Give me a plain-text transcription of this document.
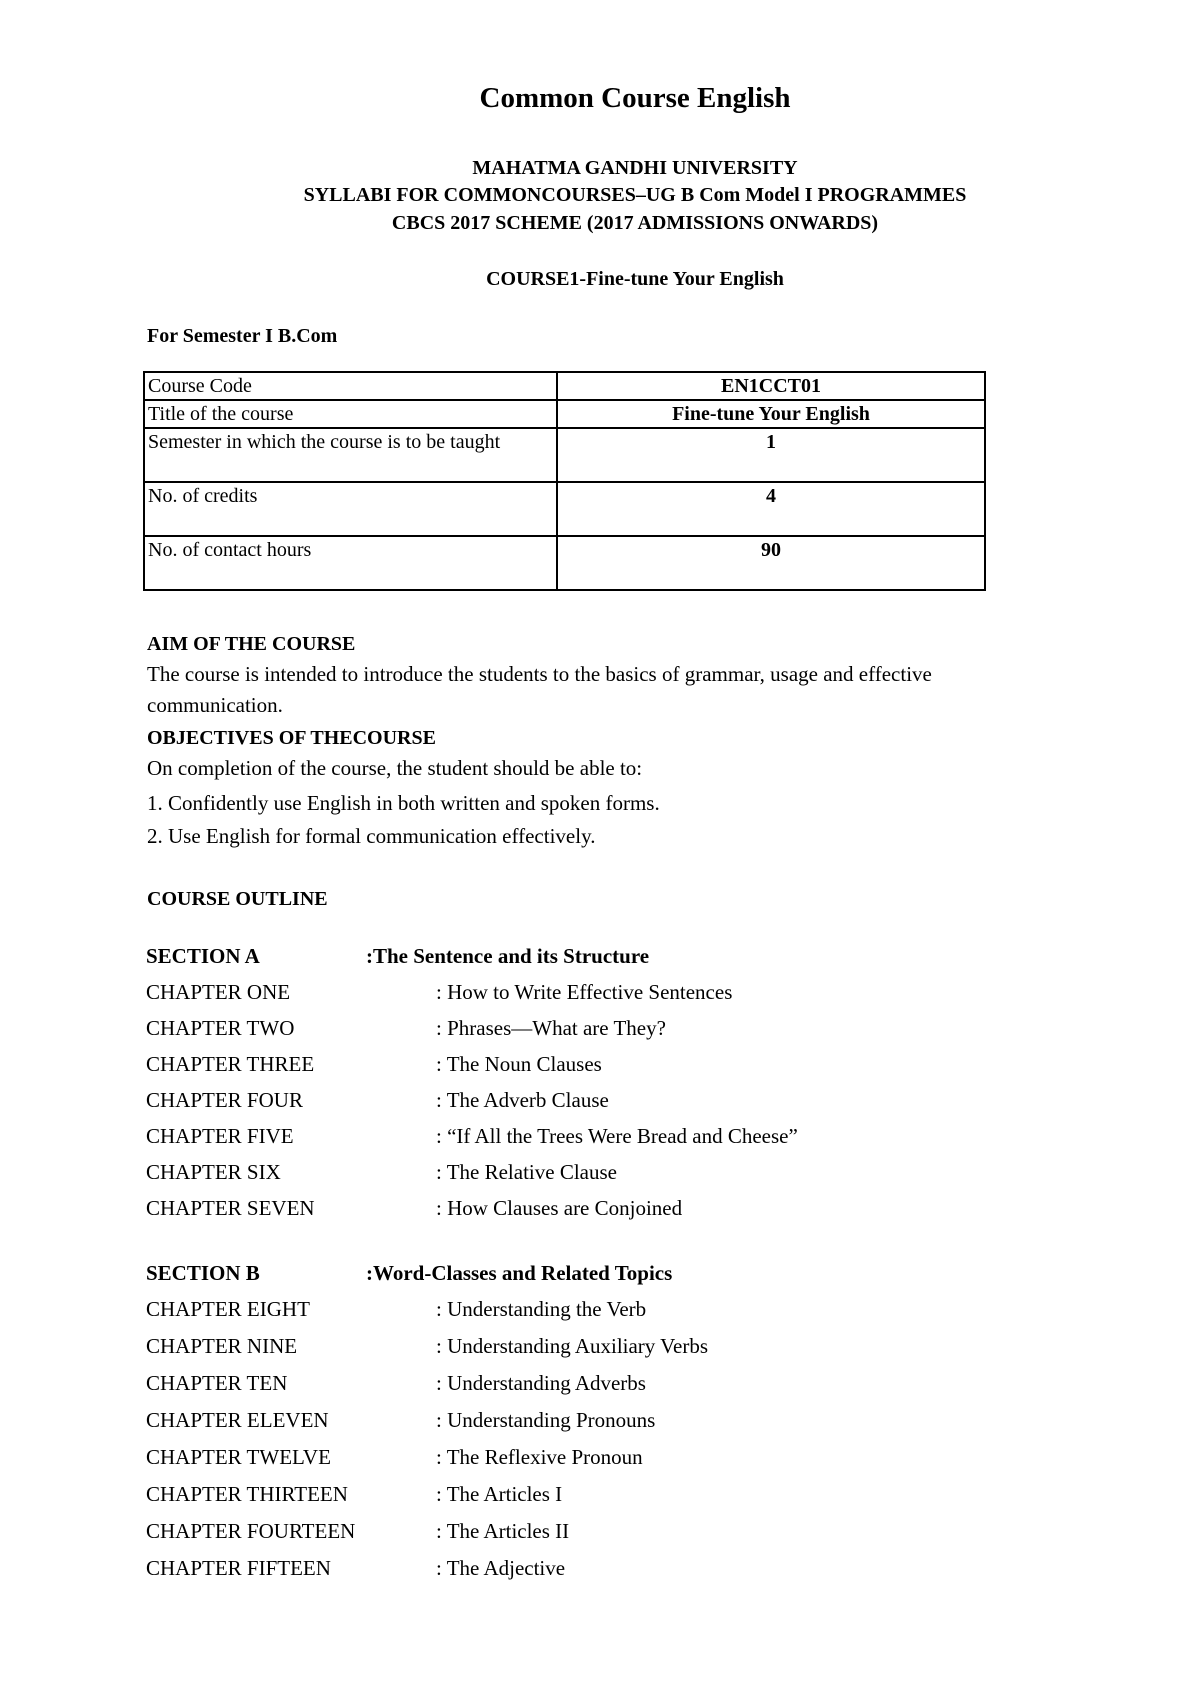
Common Course English
MAHATMA GANDHI UNIVERSITY
SYLLABI FOR COMMONCOURSES–UG B Com Model I PROGRAMMES
CBCS 2017 SCHEME (2017 ADMISSIONS ONWARDS)
COURSE1-Fine-tune Your English
For Semester I B.Com
Course Code	EN1CCT01
Title of the course	Fine-tune Your English
Semester in which the course is to be taught	1
No. of credits	4
No. of contact hours	90
AIM OF THE COURSE
The course is intended to introduce the students to the basics of grammar, usage and effective communication.
OBJECTIVES OF THECOURSE
On completion of the course, the student should be able to:
1. Confidently use English in both written and spoken forms.
2. Use English for formal communication effectively.
COURSE OUTLINE
SECTION A	:The Sentence and its Structure
CHAPTER ONE	: How to Write Effective Sentences
CHAPTER TWO	: Phrases—What are They?
CHAPTER THREE	: The Noun Clauses
CHAPTER FOUR	: The Adverb Clause
CHAPTER FIVE	: “If All the Trees Were Bread and Cheese”
CHAPTER SIX	: The Relative Clause
CHAPTER SEVEN	: How Clauses are Conjoined
SECTION B	:Word-Classes and Related Topics
CHAPTER EIGHT	: Understanding the Verb
CHAPTER NINE	: Understanding Auxiliary Verbs
CHAPTER TEN	: Understanding Adverbs
CHAPTER ELEVEN	: Understanding Pronouns
CHAPTER TWELVE	: The Reflexive Pronoun
CHAPTER THIRTEEN	: The Articles I
CHAPTER FOURTEEN	: The Articles II
CHAPTER FIFTEEN	: The Adjective
